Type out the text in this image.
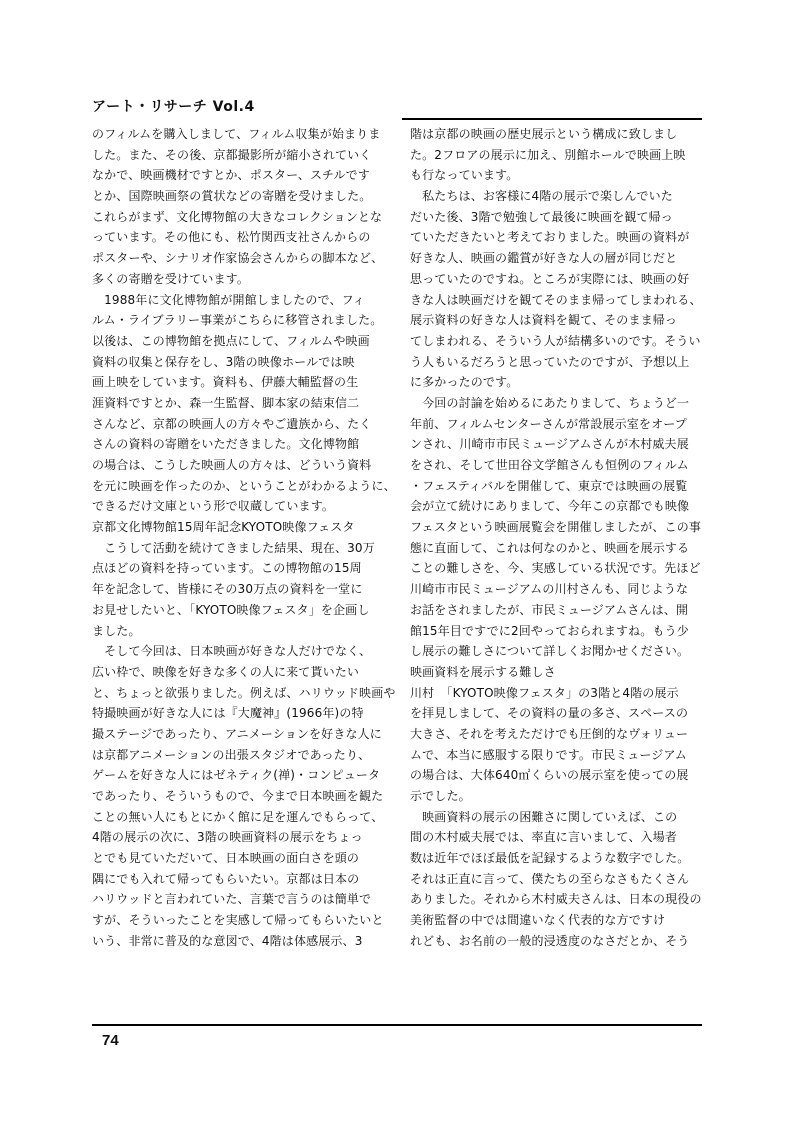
アート・リサーチ Vol.4
のフィルムを購入しまして、フィルム収集が始まりま
した。また、その後、京都撮影所が縮小されていく
なかで、映画機材ですとか、ポスター、スチルです
とか、国際映画祭の賞状などの寄贈を受けました。
これらがまず、文化博物館の大きなコレクションとな
っています。その他にも、松竹関西支社さんからの
ポスターや、シナリオ作家協会さんからの脚本など、
多くの寄贈を受けています。
　1988年に文化博物館が開館しましたので、フィ
ルム・ライブラリー事業がこちらに移管されました。
以後は、この博物館を拠点にして、フィルムや映画
資料の収集と保存をし、3階の映像ホールでは映
画上映をしています。資料も、伊藤大輔監督の生
涯資料ですとか、森一生監督、脚本家の結束信二
さんなど、京都の映画人の方々やご遺族から、たく
さんの資料の寄贈をいただきました。文化博物館
の場合は、こうした映画人の方々は、どういう資料
を元に映画を作ったのか、ということがわかるように、
できるだけ文庫という形で収蔵しています。
京都文化博物館15周年記念KYOTO映像フェスタ
　こうして活動を続けてきました結果、現在、30万
点ほどの資料を持っています。この博物館の15周
年を記念して、皆様にその30万点の資料を一堂に
お見せしたいと、「KYOTO映像フェスタ」を企画し
ました。
　そして今回は、日本映画が好きな人だけでなく、
広い枠で、映像を好きな多くの人に来て貰いたい
と、ちょっと欲張りました。例えば、ハリウッド映画や
特撮映画が好きな人には『大魔神』(1966年)の特
撮ステージであったり、アニメーションを好きな人に
は京都アニメーションの出張スタジオであったり、
ゲームを好きな人にはゼネティク(禅)・コンピュータ
であったり、そういうもので、今まで日本映画を観た
ことの無い人にもとにかく館に足を運んでもらって、
4階の展示の次に、3階の映画資料の展示をちょっ
とでも見ていただいて、日本映画の面白さを頭の
隅にでも入れて帰ってもらいたい。京都は日本の
ハリウッドと言われていた、言葉で言うのは簡単で
すが、そういったことを実感して帰ってもらいたいと
いう、非常に普及的な意図で、4階は体感展示、3
階は京都の映画の歴史展示という構成に致しまし
た。2フロアの展示に加え、別館ホールで映画上映
も行なっています。
　私たちは、お客様に4階の展示で楽しんでいた
だいた後、3階で勉強して最後に映画を観て帰っ
ていただきたいと考えておりました。映画の資料が
好きな人、映画の鑑賞が好きな人の層が同じだと
思っていたのですね。ところが実際には、映画の好
きな人は映画だけを観てそのまま帰ってしまわれる、
展示資料の好きな人は資料を観て、そのまま帰っ
てしまわれる、そういう人が結構多いのです。そうい
う人もいるだろうと思っていたのですが、予想以上
に多かったのです。
　今回の討論を始めるにあたりまして、ちょうど一
年前、フィルムセンターさんが常設展示室をオープ
ンされ、川崎市市民ミュージアムさんが木村威夫展
をされ、そして世田谷文学館さんも恒例のフィルム
・フェスティバルを開催して、東京では映画の展覧
会が立て続けにありまして、今年この京都でも映像
フェスタという映画展覧会を開催しましたが、この事
態に直面して、これは何なのかと、映画を展示する
ことの難しさを、今、実感している状況です。先ほど
川崎市市民ミュージアムの川村さんも、同じような
お話をされましたが、市民ミュージアムさんは、開
館15年目ですでに2回やっておられますね。もう少
し展示の難しさについて詳しくお聞かせください。
映画資料を展示する難しさ
川村　「KYOTO映像フェスタ」の3階と4階の展示
を拝見しまして、その資料の量の多さ、スペースの
大きさ、それを考えただけでも圧倒的なヴォリュー
ムで、本当に感服する限りです。市民ミュージアム
の場合は、大体640㎡くらいの展示室を使っての展
示でした。
　映画資料の展示の困難さに関していえば、この
間の木村威夫展では、率直に言いまして、入場者
数は近年でほぼ最低を記録するような数字でした。
それは正直に言って、僕たちの至らなさもたくさん
ありました。それから木村威夫さんは、日本の現役の
美術監督の中では間違いなく代表的な方ですけ
れども、お名前の一般的浸透度のなさだとか、そう
74
